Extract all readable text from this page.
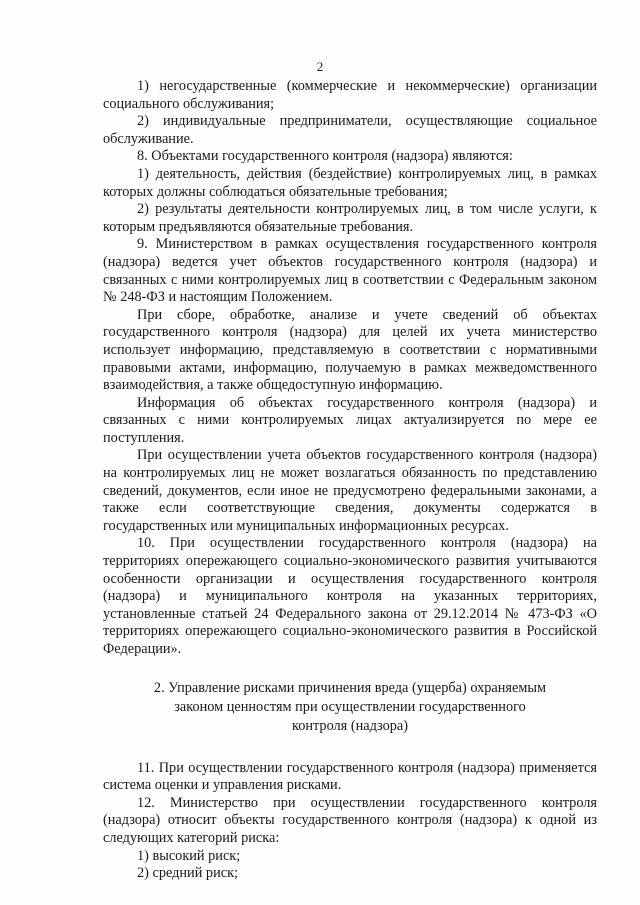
2

1) негосударственные (коммерческие и некоммерческие) организации социального обслуживания;

2) индивидуальные предприниматели, осуществляющие социальное обслуживание.

8. Объектами государственного контроля (надзора) являются:

1) деятельность, действия (бездействие) контролируемых лиц, в рамках которых должны соблюдаться обязательные требования;

2) результаты деятельности контролируемых лиц, в том числе услуги, к которым предъявляются обязательные требования.

9. Министерством в рамках осуществления государственного контроля (надзора) ведется учет объектов государственного контроля (надзора) и связанных с ними контролируемых лиц в соответствии с Федеральным законом № 248-ФЗ и настоящим Положением.

При сборе, обработке, анализе и учете сведений об объектах государственного контроля (надзора) для целей их учета министерство использует информацию, представляемую в соответствии с нормативными правовыми актами, информацию, получаемую в рамках межведомственного взаимодействия, а также общедоступную информацию.

Информация об объектах государственного контроля (надзора) и связанных с ними контролируемых лицах актуализируется по мере ее поступления.

При осуществлении учета объектов государственного контроля (надзора) на контролируемых лиц не может возлагаться обязанность по представлению сведений, документов, если иное не предусмотрено федеральными законами, а также если соответствующие сведения, документы содержатся в государственных или муниципальных информационных ресурсах.

10. При осуществлении государственного контроля (надзора) на территориях опережающего социально-экономического развития учитываются особенности организации и осуществления государственного контроля (надзора) и муниципального контроля на указанных территориях, установленные статьей 24 Федерального закона от 29.12.2014 № 473-ФЗ «О территориях опережающего социально-экономического развития в Российской Федерации».

2. Управление рисками причинения вреда (ущерба) охраняемым
законом ценностям при осуществлении государственного
контроля (надзора)

11. При осуществлении государственного контроля (надзора) применяется система оценки и управления рисками.

12. Министерство при осуществлении государственного контроля (надзора) относит объекты государственного контроля (надзора) к одной из следующих категорий риска:

1) высокий риск;

2) средний риск;
